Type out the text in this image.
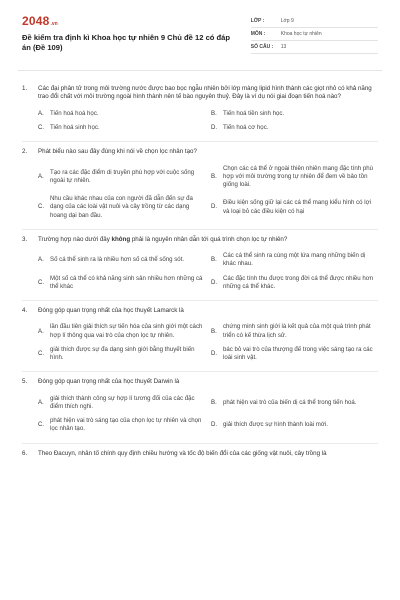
2048 .vn
Đề kiểm tra định kì Khoa học tự nhiên 9 Chủ đề 12 có đáp án (Đề 109)
LỚP :	Lớp 9
MÔN :	Khoa học tự nhiên
SỐ CÂU :	13
1.	Các đại phân tử trong môi trường nước được bao bọc ngẫu nhiên bởi lớp màng lipid hình thành các giọt nhỏ có khả năng trao đổi chất với môi trường ngoài hình thành nên tế bào nguyên thuỷ. Đây là ví dụ nói giai đoạn tiến hoá nào?
A.	Tiến hoá hoá học.	B.	Tiến hoá tiền sinh học.
C. Tiến hoá sinh học.	D. Tiến hoá cơ học.
2.	Phát biểu nào sau đây đúng khi nói về chọn lọc nhân tạo?
A.
Tạo ra các đặc điểm di truyền phù hợp với cuộc sống ngoài tự nhiên.
B.
Chọn các cá thể ở ngoài thiên nhiên mang đặc tính phù hợp với môi trường trong tự nhiên để đem về bảo tồn giống loài.
C.
Nhu cầu khác nhau của con người đã dẫn đến sự đa dạng của các loài vật nuôi và cây trồng từ các dạng hoang dại ban đầu.
D.
Điều kiện sống giữ lại các cá thể mang kiểu hình có lợi và loại bỏ các điều kiện có hại
3.	Trường hợp nào dưới đây không phải là nguyên nhân dẫn tới quá trình chọn lọc tự nhiên?
A.	Số cá thể sinh ra là nhiều hơn số cá thể sống sót.	B.
Các cá thể sinh ra cùng một lứa mang những biến dị khác nhau.
C.
Một số cá thể có khả năng sinh sản nhiều hơn những cá thể khác
D.
Các đặc tính thu được trong đời cá thể được nhiều hơn những cá thể khác.
4.	Đóng góp quan trọng nhất của học thuyết Lamarck là
A.
lần đầu tiên giải thích sự tiến hóa của sinh giới một cách hợp lí thông qua vai trò của chọn lọc tự nhiên.
B.
chứng minh sinh giới là kết quả của một quá trình phát triển có kế thừa lịch sử.
C.
giải thích được sự đa dạng sinh giới bằng thuyết biến hình.
D.
bác bỏ vai trò của thượng đế trong việc sáng tạo ra các loài sinh vật.
5.	Đóng góp quan trọng nhất của học thuyết Darwin là
A.
giải thích thành công sự hợp lí tương đối của các đặc điểm thích nghi.
B.	phát hiện vai trò của biến dị cá thể trong tiến hoá.
C.
phát hiện vai trò sáng tạo của chọn lọc tự nhiên và chọn lọc nhân tạo.
D. giải thích được sự hình thành loài mới.
6.	Theo Đacuyn, nhân tố chính quy định chiều hướng và tốc độ biến đổi của các giống vật nuôi, cây trồng là
